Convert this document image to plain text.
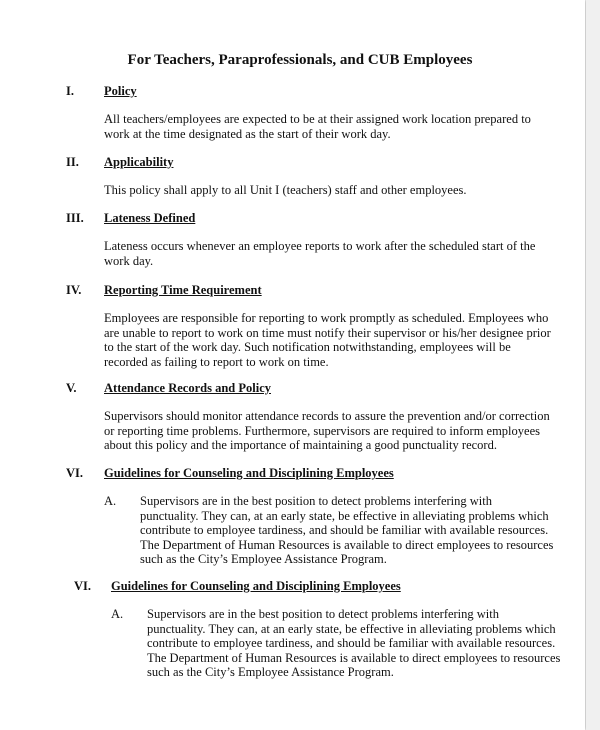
For Teachers, Paraprofessionals, and CUB Employees
I. Policy
All teachers/employees are expected to be at their assigned work location prepared to
work at the time designated as the start of their work day.
II. Applicability
This policy shall apply to all Unit I (teachers) staff and other employees.
III. Lateness Defined
Lateness occurs whenever an employee reports to work after the scheduled start of the
work day.
IV. Reporting Time Requirement
Employees are responsible for reporting to work promptly as scheduled. Employees who
are unable to report to work on time must notify their supervisor or his/her designee prior
to the start of the work day. Such notification notwithstanding, employees will be
recorded as failing to report to work on time.
V. Attendance Records and Policy
Supervisors should monitor attendance records to assure the prevention and/or correction
or reporting time problems. Furthermore, supervisors are required to inform employees
about this policy and the importance of maintaining a good punctuality record.
VI. Guidelines for Counseling and Disciplining Employees
A. Supervisors are in the best position to detect problems interfering with
punctuality. They can, at an early state, be effective in alleviating problems which
contribute to employee tardiness, and should be familiar with available resources.
The Department of Human Resources is available to direct employees to resources
such as the City’s Employee Assistance Program.
VI. Guidelines for Counseling and Disciplining Employees
A. Supervisors are in the best position to detect problems interfering with
punctuality. They can, at an early state, be effective in alleviating problems which
contribute to employee tardiness, and should be familiar with available resources.
The Department of Human Resources is available to direct employees to resources
such as the City’s Employee Assistance Program.
